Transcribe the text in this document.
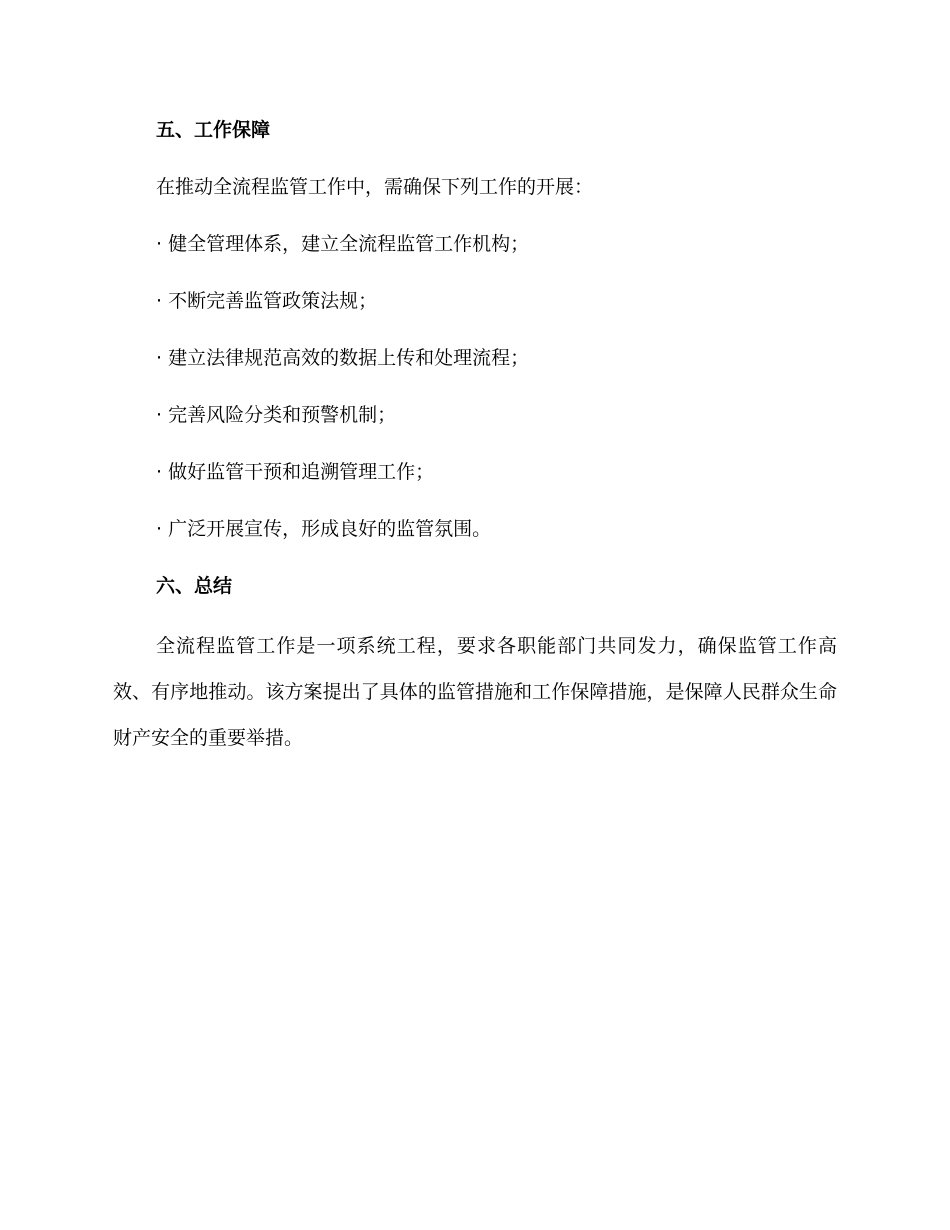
五、工作保障
在推动全流程监管工作中，需确保下列工作的开展：
· 健全管理体系，建立全流程监管工作机构；
· 不断完善监管政策法规；
· 建立法律规范高效的数据上传和处理流程；
· 完善风险分类和预警机制；
· 做好监管干预和追溯管理工作；
· 广泛开展宣传，形成良好的监管氛围。
六、总结

全流程监管工作是一项系统工程，要求各职能部门共同发力，确保监管工作高效、有序地推动。该方案提出了具体的监管措施和工作保障措施，是保障人民群众生命财产安全的重要举措。
